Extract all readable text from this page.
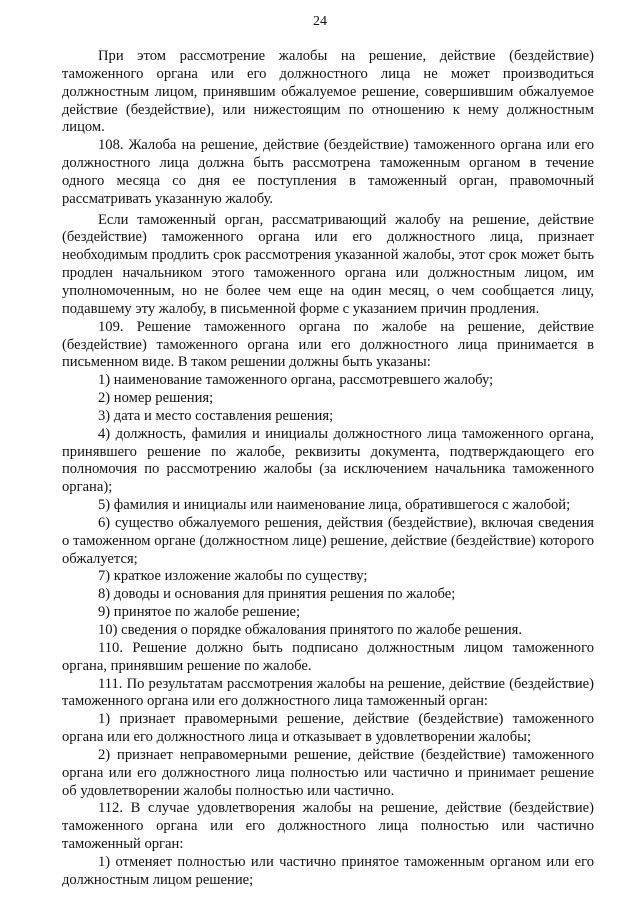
24

При этом рассмотрение жалобы на решение, действие (бездействие) таможенного органа или его должностного лица не может производиться должностным лицом, принявшим обжалуемое решение, совершившим обжалуемое действие (бездействие), или нижестоящим по отношению к нему должностным лицом.

108. Жалоба на решение, действие (бездействие) таможенного органа или его должностного лица должна быть рассмотрена таможенным органом в течение одного месяца со дня ее поступления в таможенный орган, правомочный рассматривать указанную жалобу.

Если таможенный орган, рассматривающий жалобу на решение, действие (бездействие) таможенного органа или его должностного лица, признает необходимым продлить срок рассмотрения указанной жалобы, этот срок может быть продлен начальником этого таможенного органа или должностным лицом, им уполномоченным, но не более чем еще на один месяц, о чем сообщается лицу, подавшему эту жалобу, в письменной форме с указанием причин продления.

109. Решение таможенного органа по жалобе на решение, действие (бездействие) таможенного органа или его должностного лица принимается в письменном виде. В таком решении должны быть указаны:

1) наименование таможенного органа, рассмотревшего жалобу;

2) номер решения;

3) дата и место составления решения;

4) должность, фамилия и инициалы должностного лица таможенного органа, принявшего решение по жалобе, реквизиты документа, подтверждающего его полномочия по рассмотрению жалобы (за исключением начальника таможенного органа);

5) фамилия и инициалы или наименование лица, обратившегося с жалобой;

6) существо обжалуемого решения, действия (бездействие), включая сведения о таможенном органе (должностном лице) решение, действие (бездействие) которого обжалуется;

7) краткое изложение жалобы по существу;

8) доводы и основания для принятия решения по жалобе;

9) принятое по жалобе решение;

10) сведения о порядке обжалования принятого по жалобе решения.

110. Решение должно быть подписано должностным лицом таможенного органа, принявшим решение по жалобе.

111. По результатам рассмотрения жалобы на решение, действие (бездействие) таможенного органа или его должностного лица таможенный орган:

1) признает правомерными решение, действие (бездействие) таможенного органа или его должностного лица и отказывает в удовлетворении жалобы;

2) признает неправомерными решение, действие (бездействие) таможенного органа или его должностного лица полностью или частично и принимает решение об удовлетворении жалобы полностью или частично.

112. В случае удовлетворения жалобы на решение, действие (бездействие) таможенного органа или его должностного лица полностью или частично таможенный орган:

1) отменяет полностью или частично принятое таможенным органом или его должностным лицом решение;
